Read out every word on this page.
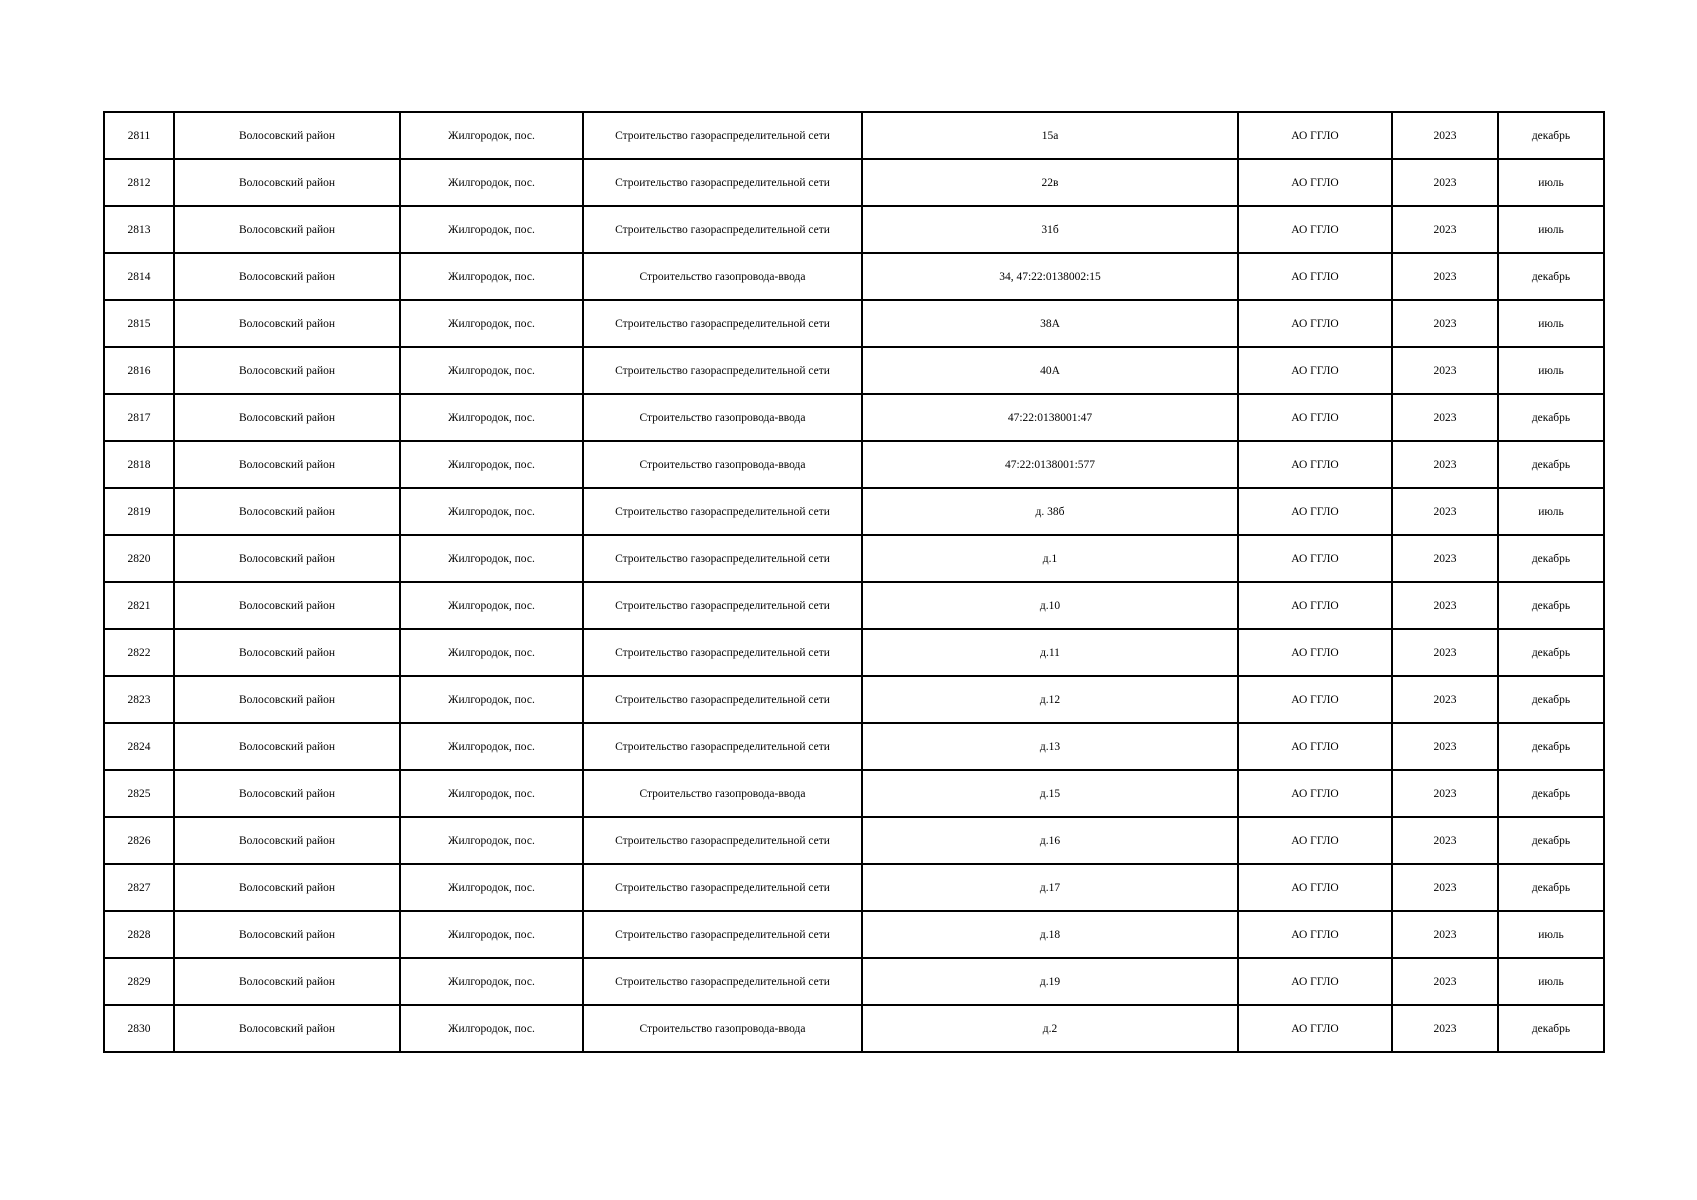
2811	Волосовский район	Жилгородок, пос.	Строительство газораспределительной сети	15а	АО ГГЛО	2023	декабрь
2812	Волосовский район	Жилгородок, пос.	Строительство газораспределительной сети	22в	АО ГГЛО	2023	июль
2813	Волосовский район	Жилгородок, пос.	Строительство газораспределительной сети	31б	АО ГГЛО	2023	июль
2814	Волосовский район	Жилгородок, пос.	Строительство газопровода-ввода	34, 47:22:0138002:15	АО ГГЛО	2023	декабрь
2815	Волосовский район	Жилгородок, пос.	Строительство газораспределительной сети	38А	АО ГГЛО	2023	июль
2816	Волосовский район	Жилгородок, пос.	Строительство газораспределительной сети	40А	АО ГГЛО	2023	июль
2817	Волосовский район	Жилгородок, пос.	Строительство газопровода-ввода	47:22:0138001:47	АО ГГЛО	2023	декабрь
2818	Волосовский район	Жилгородок, пос.	Строительство газопровода-ввода	47:22:0138001:577	АО ГГЛО	2023	декабрь
2819	Волосовский район	Жилгородок, пос.	Строительство газораспределительной сети	д. 38б	АО ГГЛО	2023	июль
2820	Волосовский район	Жилгородок, пос.	Строительство газораспределительной сети	д.1	АО ГГЛО	2023	декабрь
2821	Волосовский район	Жилгородок, пос.	Строительство газораспределительной сети	д.10	АО ГГЛО	2023	декабрь
2822	Волосовский район	Жилгородок, пос.	Строительство газораспределительной сети	д.11	АО ГГЛО	2023	декабрь
2823	Волосовский район	Жилгородок, пос.	Строительство газораспределительной сети	д.12	АО ГГЛО	2023	декабрь
2824	Волосовский район	Жилгородок, пос.	Строительство газораспределительной сети	д.13	АО ГГЛО	2023	декабрь
2825	Волосовский район	Жилгородок, пос.	Строительство газопровода-ввода	д.15	АО ГГЛО	2023	декабрь
2826	Волосовский район	Жилгородок, пос.	Строительство газораспределительной сети	д.16	АО ГГЛО	2023	декабрь
2827	Волосовский район	Жилгородок, пос.	Строительство газораспределительной сети	д.17	АО ГГЛО	2023	декабрь
2828	Волосовский район	Жилгородок, пос.	Строительство газораспределительной сети	д.18	АО ГГЛО	2023	июль
2829	Волосовский район	Жилгородок, пос.	Строительство газораспределительной сети	д.19	АО ГГЛО	2023	июль
2830	Волосовский район	Жилгородок, пос.	Строительство газопровода-ввода	д.2	АО ГГЛО	2023	декабрь
